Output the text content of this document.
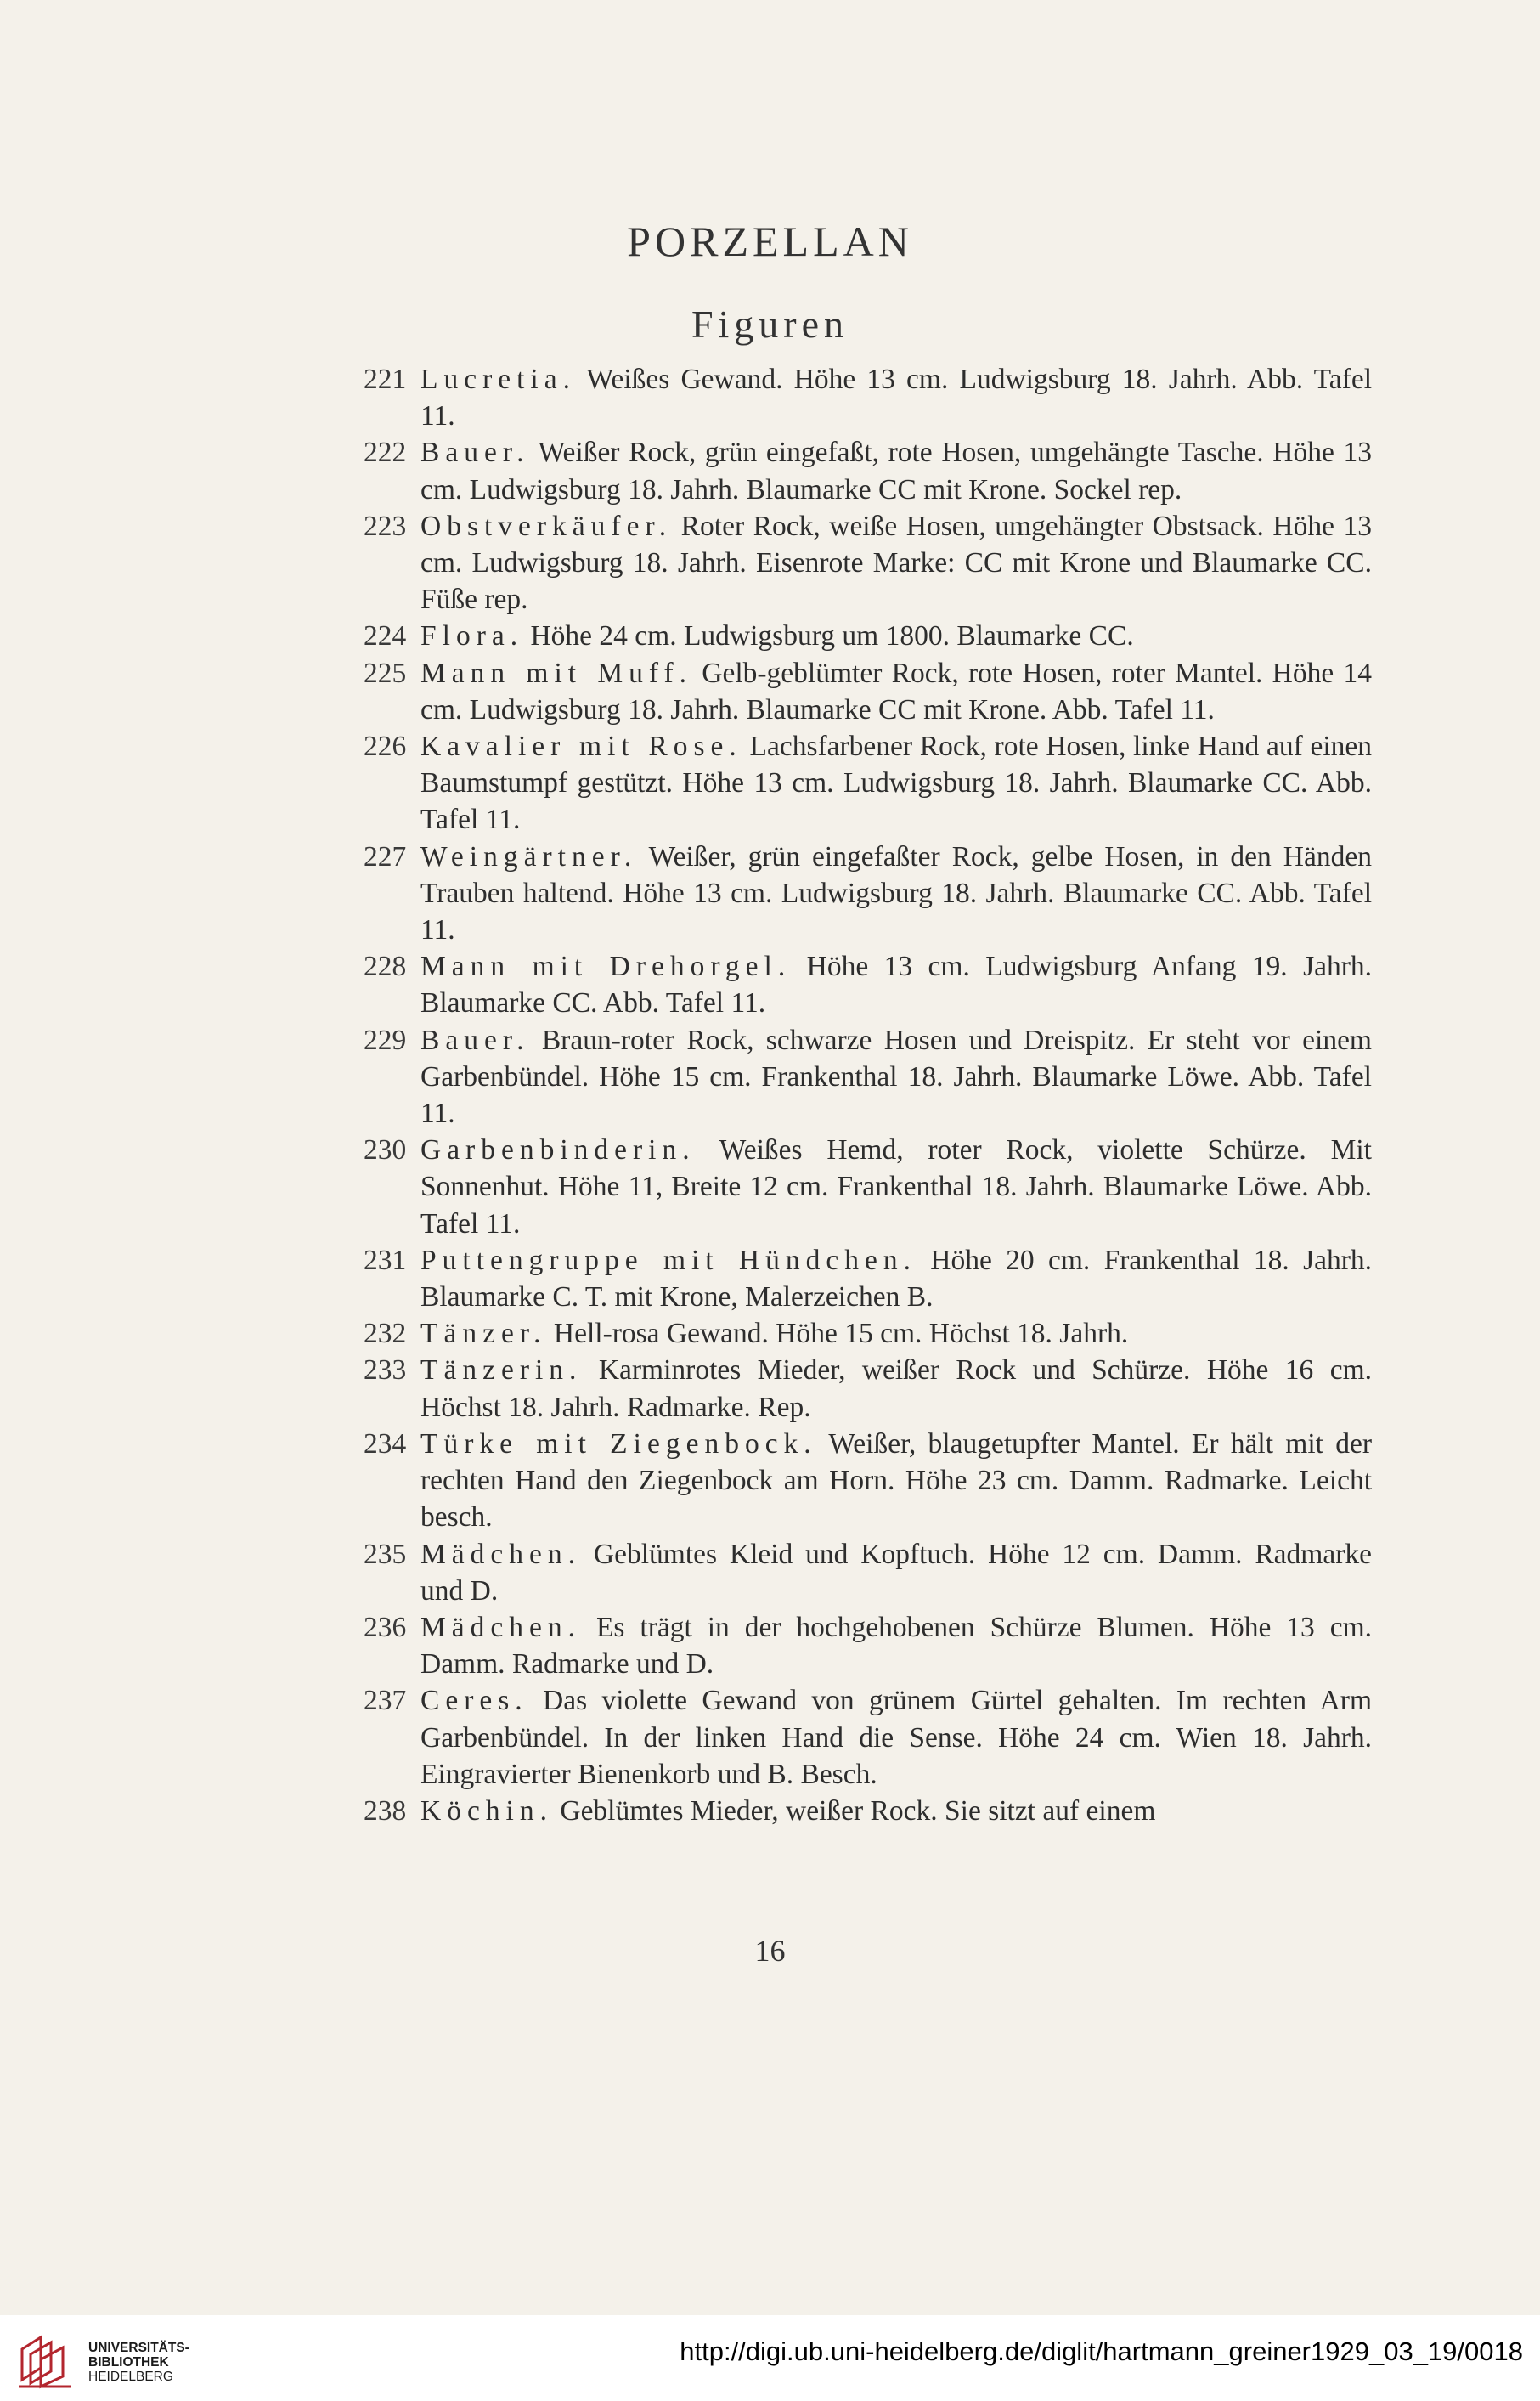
PORZELLAN
Figuren
221 Lucretia. Weißes Gewand. Höhe 13 cm. Ludwigsburg 18. Jahrh. Abb. Tafel 11.
222 Bauer. Weißer Rock, grün eingefaßt, rote Hosen, umgehängte Tasche. Höhe 13 cm. Ludwigsburg 18. Jahrh. Blaumarke CC mit Krone. Sockel rep.
223 Obstverkäufer. Roter Rock, weiße Hosen, umgehängter Obstsack. Höhe 13 cm. Ludwigsburg 18. Jahrh. Eisenrote Marke: CC mit Krone und Blaumarke CC. Füße rep.
224 Flora. Höhe 24 cm. Ludwigsburg um 1800. Blaumarke CC.
225 Mann mit Muff. Gelb-geblümter Rock, rote Hosen, roter Mantel. Höhe 14 cm. Ludwigsburg 18. Jahrh. Blaumarke CC mit Krone. Abb. Tafel 11.
226 Kavalier mit Rose. Lachsfarbener Rock, rote Hosen, linke Hand auf einen Baumstumpf gestützt. Höhe 13 cm. Ludwigsburg 18. Jahrh. Blaumarke CC. Abb. Tafel 11.
227 Weingärtner. Weißer, grün eingefaßter Rock, gelbe Hosen, in den Händen Trauben haltend. Höhe 13 cm. Ludwigsburg 18. Jahrh. Blaumarke CC. Abb. Tafel 11.
228 Mann mit Drehorgel. Höhe 13 cm. Ludwigsburg Anfang 19. Jahrh. Blaumarke CC. Abb. Tafel 11.
229 Bauer. Braun-roter Rock, schwarze Hosen und Dreispitz. Er steht vor einem Garbenbündel. Höhe 15 cm. Frankenthal 18. Jahrh. Blaumarke Löwe. Abb. Tafel 11.
230 Garbenbinderin. Weißes Hemd, roter Rock, violette Schürze. Mit Sonnenhut. Höhe 11, Breite 12 cm. Frankenthal 18. Jahrh. Blaumarke Löwe. Abb. Tafel 11.
231 Puttengruppe mit Hündchen. Höhe 20 cm. Frankenthal 18. Jahrh. Blaumarke C. T. mit Krone, Malerzeichen B.
232 Tänzer. Hell-rosa Gewand. Höhe 15 cm. Höchst 18. Jahrh.
233 Tänzerin. Karminrotes Mieder, weißer Rock und Schürze. Höhe 16 cm. Höchst 18. Jahrh. Radmarke. Rep.
234 Türke mit Ziegenbock. Weißer, blaugetupfter Mantel. Er hält mit der rechten Hand den Ziegenbock am Horn. Höhe 23 cm. Damm. Radmarke. Leicht besch.
235 Mädchen. Geblümtes Kleid und Kopftuch. Höhe 12 cm. Damm. Radmarke und D.
236 Mädchen. Es trägt in der hochgehobenen Schürze Blumen. Höhe 13 cm. Damm. Radmarke und D.
237 Ceres. Das violette Gewand von grünem Gürtel gehalten. Im rechten Arm Garbenbündel. In der linken Hand die Sense. Höhe 24 cm. Wien 18. Jahrh. Eingravierter Bienenkorb und B. Besch.
238 Köchin. Geblümtes Mieder, weißer Rock. Sie sitzt auf einem
16
UNIVERSITÄTS-
BIBLIOTHEK
HEIDELBERG
http://digi.ub.uni-heidelberg.de/diglit/hartmann_greiner1929_03_19/0018
